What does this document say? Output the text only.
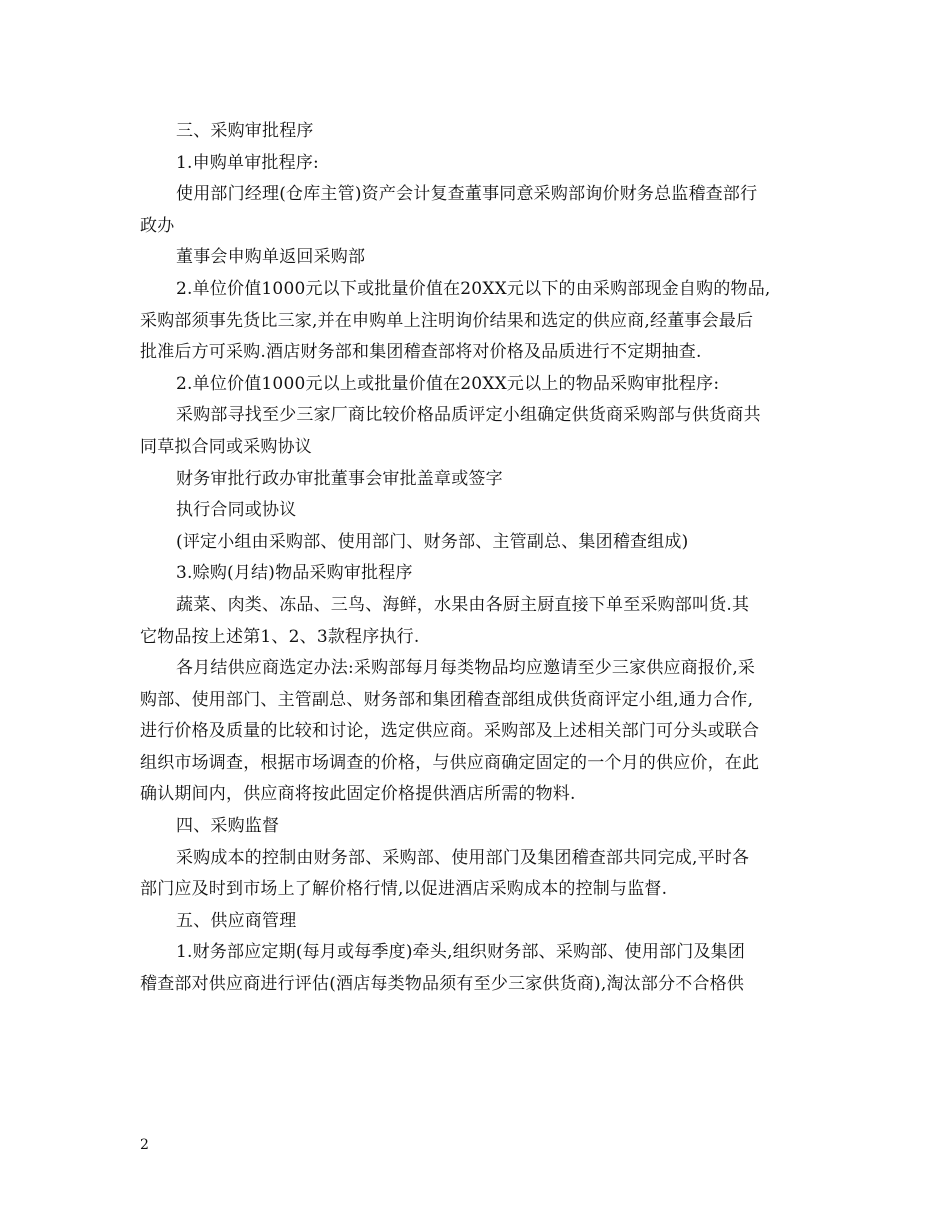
三、采购审批程序
1.申购单审批程序:
使用部门经理(仓库主管)资产会计复查董事同意采购部询价财务总监稽查部行
政办
董事会申购单返回采购部
2.单位价值1000元以下或批量价值在20XX元以下的由采购部现金自购的物品,
采购部须事先货比三家,并在申购单上注明询价结果和选定的供应商,经董事会最后
批准后方可采购.酒店财务部和集团稽查部将对价格及品质进行不定期抽查.
2.单位价值1000元以上或批量价值在20XX元以上的物品采购审批程序:
采购部寻找至少三家厂商比较价格品质评定小组确定供货商采购部与供货商共
同草拟合同或采购协议
财务审批行政办审批董事会审批盖章或签字
执行合同或协议
(评定小组由采购部、使用部门、财务部、主管副总、集团稽查组成)
3.赊购(月结)物品采购审批程序
蔬菜、肉类、冻品、三鸟、海鲜，水果由各厨主厨直接下单至采购部叫货.其
它物品按上述第1、2、3款程序执行.
各月结供应商选定办法:采购部每月每类物品均应邀请至少三家供应商报价,采
购部、使用部门、主管副总、财务部和集团稽查部组成供货商评定小组,通力合作,
进行价格及质量的比较和讨论，选定供应商。采购部及上述相关部门可分头或联合
组织市场调查，根据市场调查的价格，与供应商确定固定的一个月的供应价，在此
确认期间内，供应商将按此固定价格提供酒店所需的物料.
四、采购监督
采购成本的控制由财务部、采购部、使用部门及集团稽查部共同完成,平时各
部门应及时到市场上了解价格行情,以促进酒店采购成本的控制与监督.
五、供应商管理
1.财务部应定期(每月或每季度)牵头,组织财务部、采购部、使用部门及集团
稽查部对供应商进行评估(酒店每类物品须有至少三家供货商),淘汰部分不合格供
2
